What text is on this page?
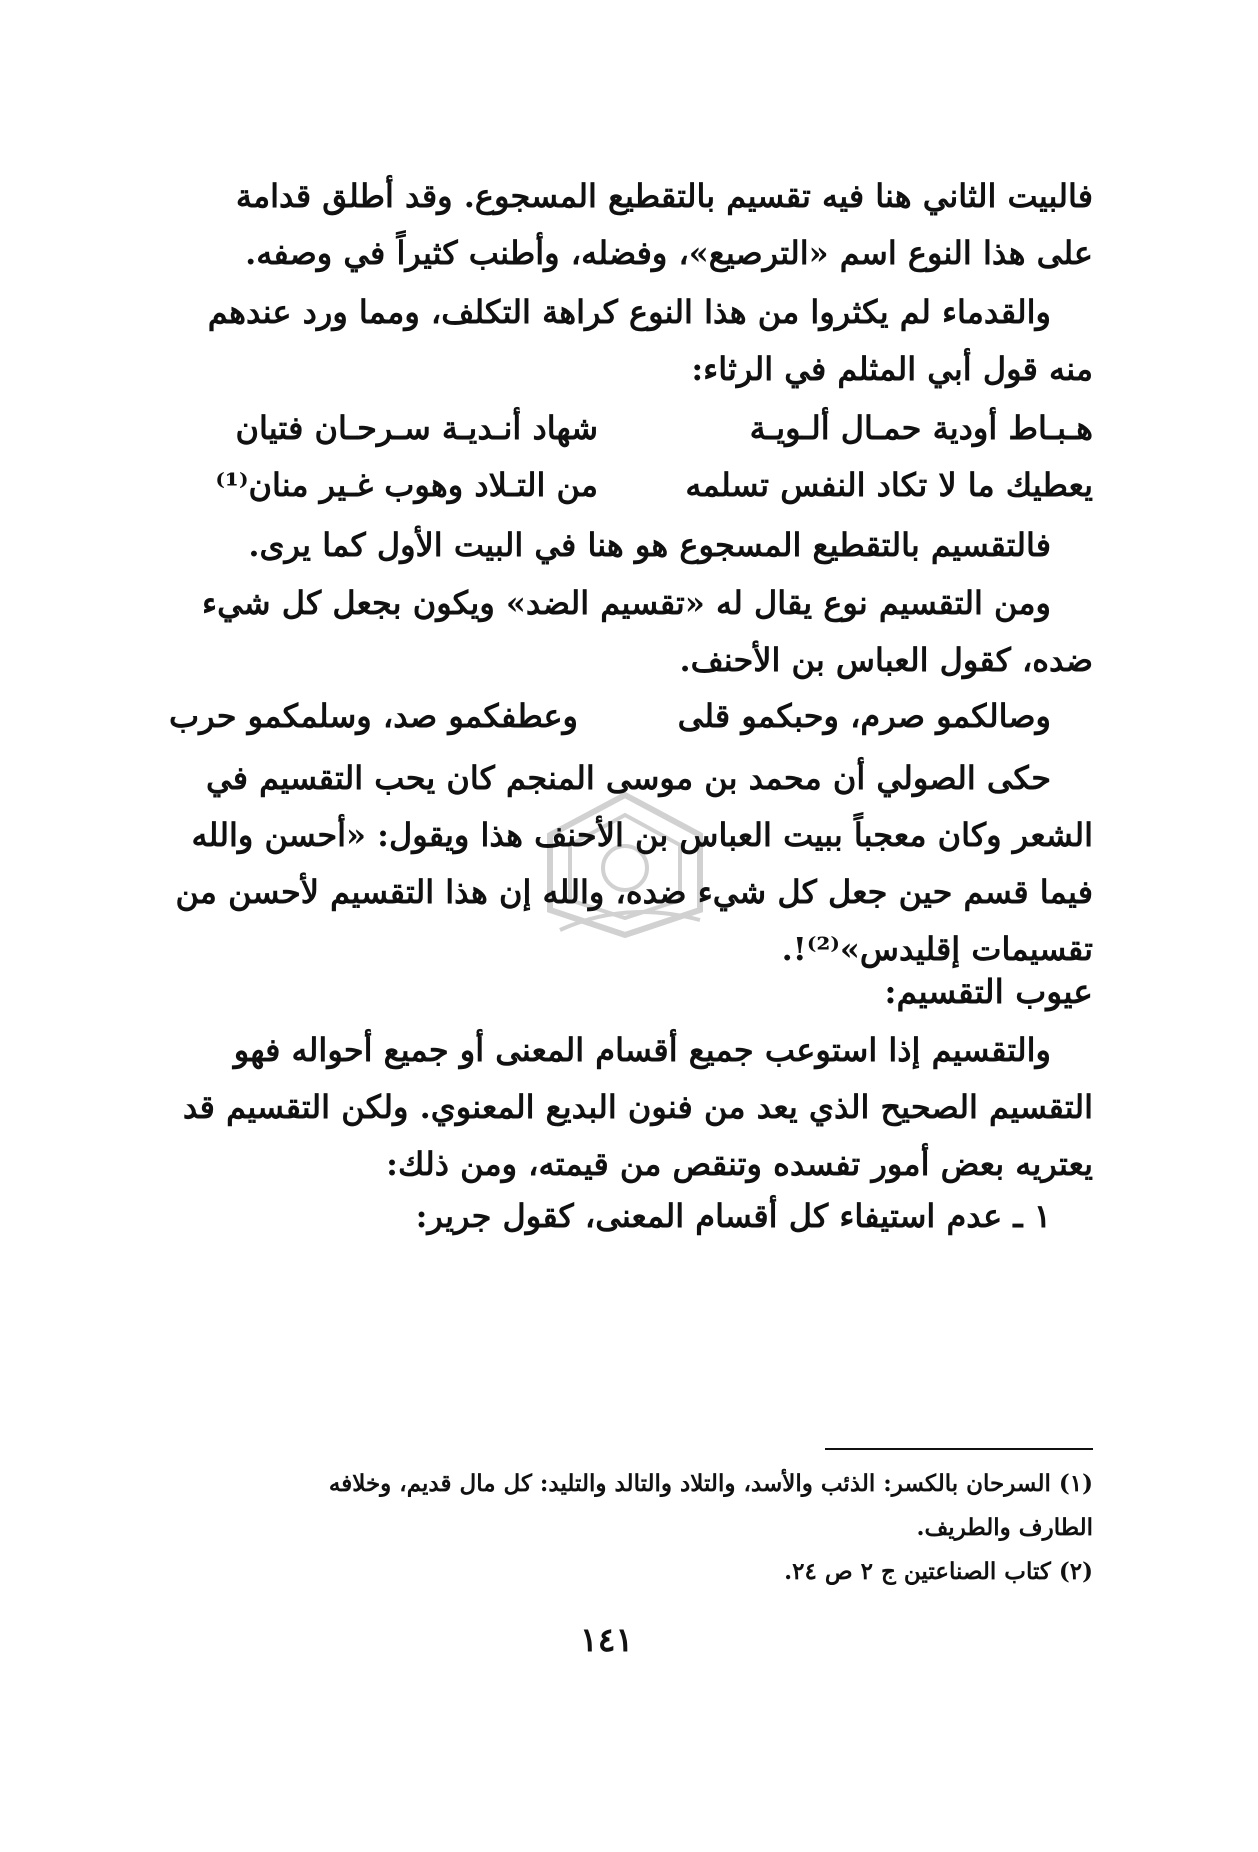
فالبيت الثاني هنا فيه تقسيم بالتقطيع المسجوع. وقد أطلق قدامة
على هذا النوع اسم «الترصيع»، وفضله، وأطنب كثيراً في وصفه.
والقدماء لم يكثروا من هذا النوع كراهة التكلف، ومما ورد عندهم
منه قول أبي المثلم في الرثاء:
هـبـاط أودية حمـال ألـويـة
شهاد أنـديـة سـرحـان فتيان
يعطيك ما لا تكاد النفس تسلمه
من التـلاد وهوب غـير منان⁽¹⁾
فالتقسيم بالتقطيع المسجوع هو هنا في البيت الأول كما يرى.
ومن التقسيم نوع يقال له «تقسيم الضد» ويكون بجعل كل شيء
ضده، كقول العباس بن الأحنف.
وصالكمو صرم، وحبكمو قلى
وعطفكمو صد، وسلمكمو حرب
حكى الصولي أن محمد بن موسى المنجم كان يحب التقسيم في
الشعر وكان معجباً ببيت العباس بن الأحنف هذا ويقول: «أحسن والله
فيما قسم حين جعل كل شيء ضده، والله إن هذا التقسيم لأحسن من
تقسيمات إقليدس»⁽²⁾!.
عيوب التقسيم:
والتقسيم إذا استوعب جميع أقسام المعنى أو جميع أحواله فهو
التقسيم الصحيح الذي يعد من فنون البديع المعنوي. ولكن التقسيم قد
يعتريه بعض أمور تفسده وتنقص من قيمته، ومن ذلك:
١ ـ عدم استيفاء كل أقسام المعنى، كقول جرير:
(١) السرحان بالكسر: الذئب والأسد، والتلاد والتالد والتليد: كل مال قديم، وخلافه
الطارف والطريف.
(٢) كتاب الصناعتين ج ٢ ص ٢٤.
١٤١
